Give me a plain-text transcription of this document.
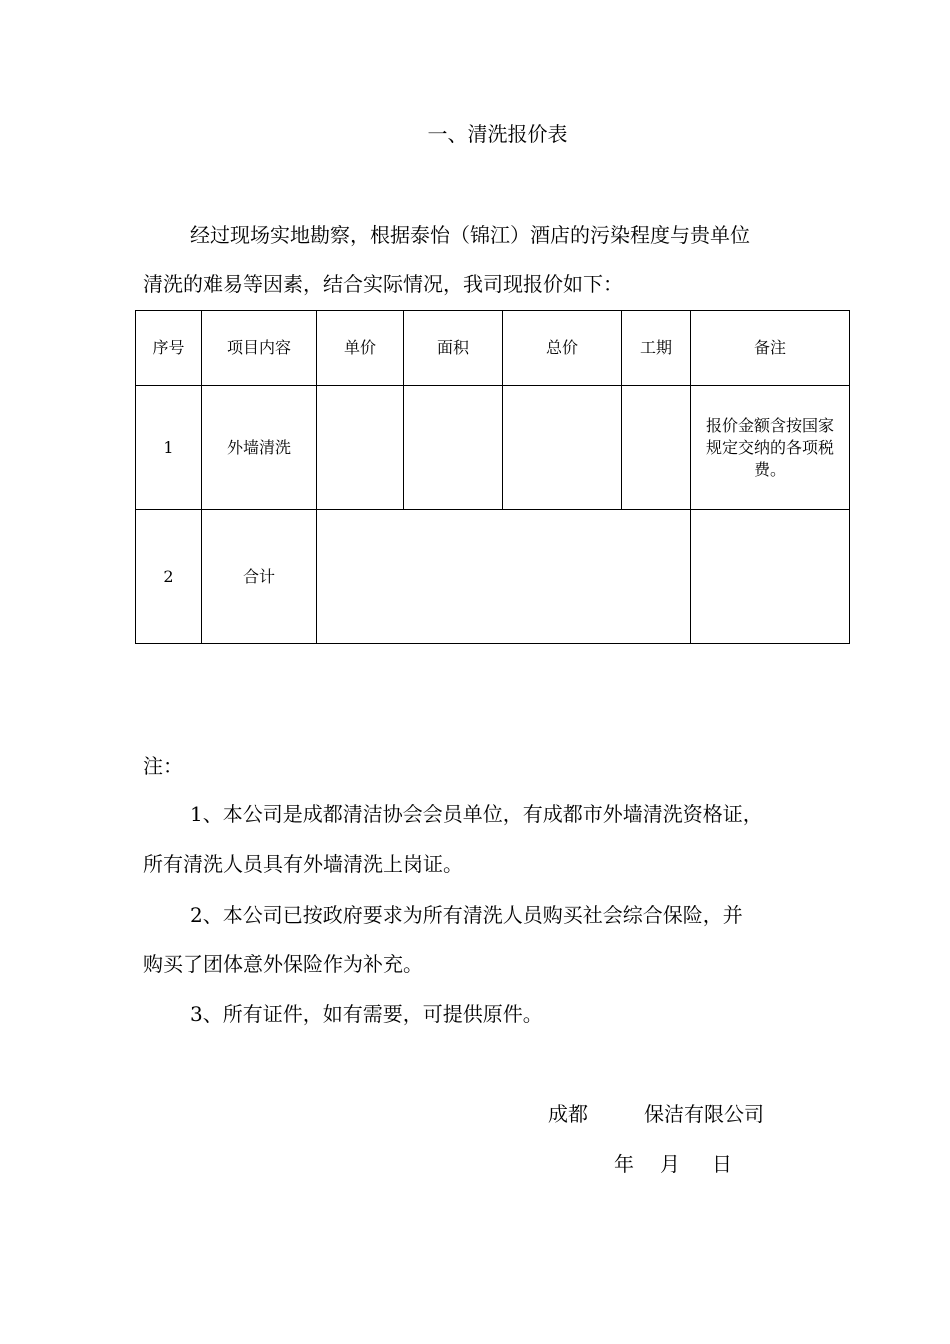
一、清洗报价表
经过现场实地勘察，根据泰怡（锦江）酒店的污染程度与贵单位
清洗的难易等因素，结合实际情况，我司现报价如下：
序号	项目内容	单价	面积	总价	工期	备注
1	外墙清洗					报价金额含按国家规定交纳的各项税费。
2	合计					
注：
1、本公司是成都清洁协会会员单位，有成都市外墙清洗资格证，
所有清洗人员具有外墙清洗上岗证。
2、本公司已按政府要求为所有清洗人员购买社会综合保险，并
购买了团体意外保险作为补充。
3、所有证件，如有需要，可提供原件。
成都	保洁有限公司
年 月 日
